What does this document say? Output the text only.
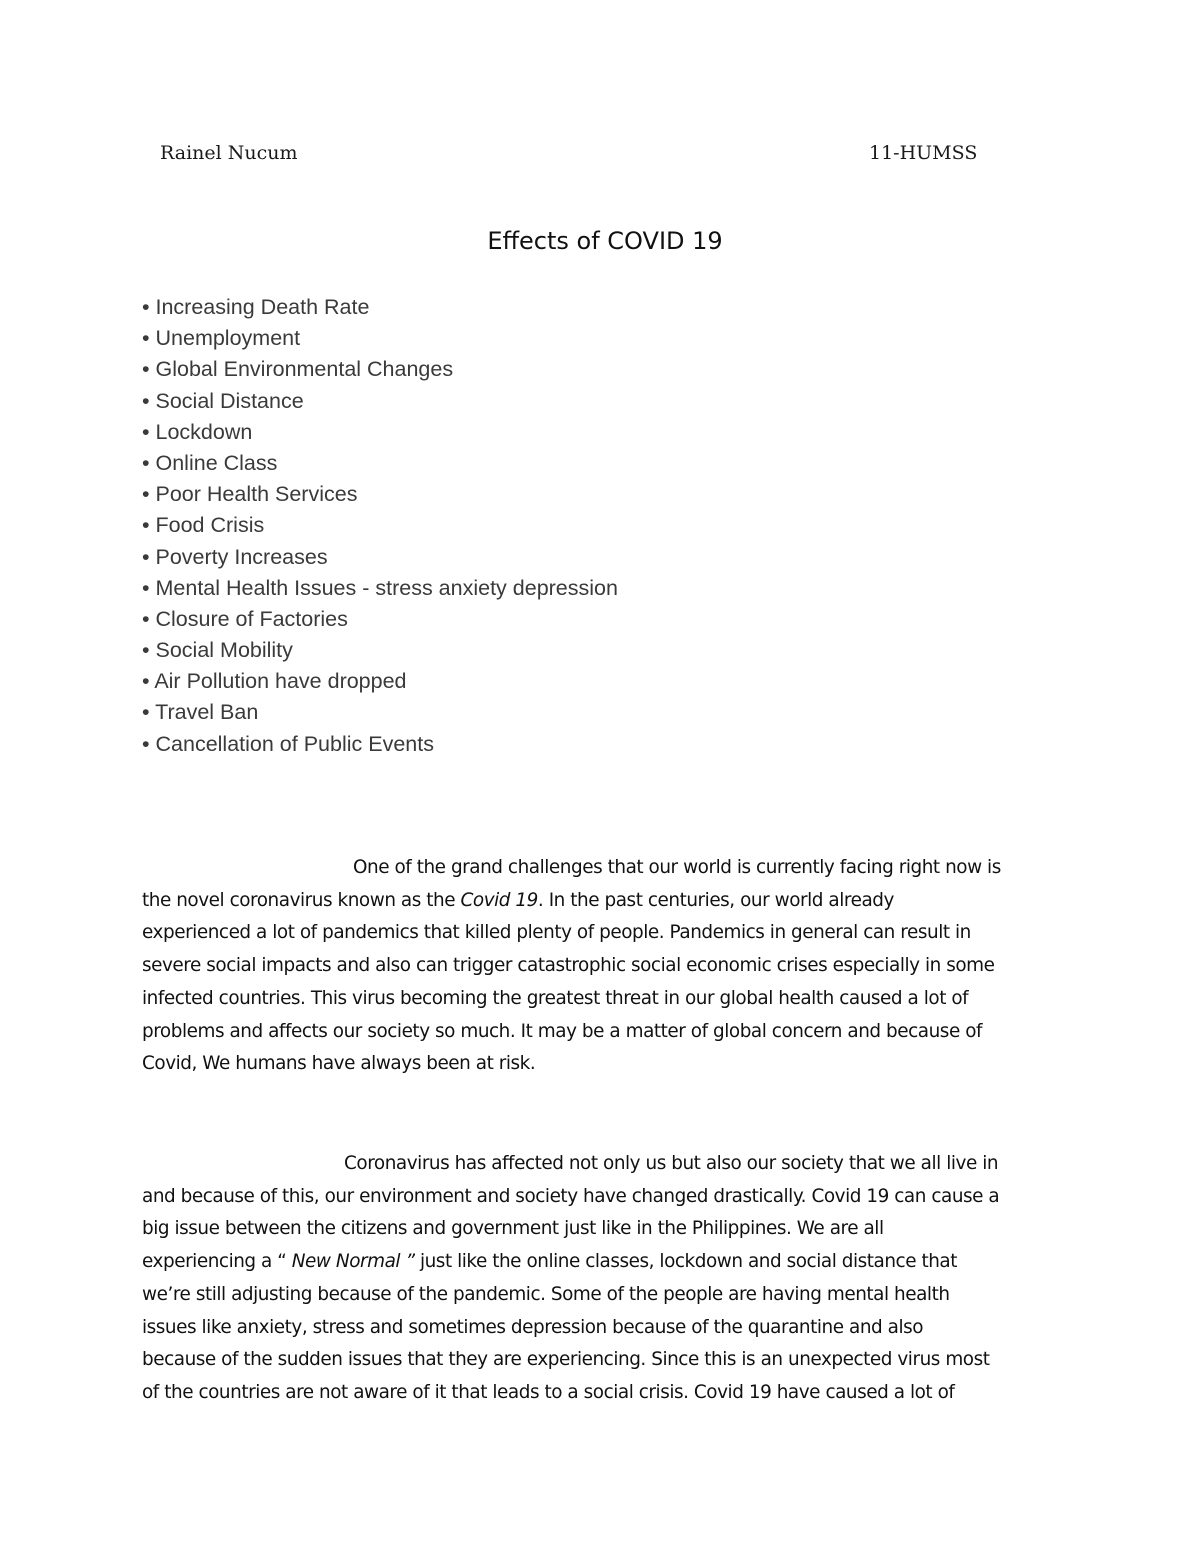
Rainel Nucum	11-HUMSS
Effects of COVID 19
• Increasing Death Rate
• Unemployment
• Global Environmental Changes
• Social Distance
• Lockdown
• Online Class
• Poor Health Services
• Food Crisis
• Poverty Increases
• Mental Health Issues - stress anxiety depression
• Closure of Factories
• Social Mobility
• Air Pollution have dropped
• Travel Ban
• Cancellation of Public Events
One of the grand challenges that our world is currently facing right now is
the novel coronavirus known as the Covid 19. In the past centuries, our world already
experienced a lot of pandemics that killed plenty of people. Pandemics in general can result in
severe social impacts and also can trigger catastrophic social economic crises especially in some
infected countries. This virus becoming the greatest threat in our global health caused a lot of
problems and affects our society so much. It may be a matter of global concern and because of
Covid, We humans have always been at risk.
Coronavirus has affected not only us but also our society that we all live in
and because of this, our environment and society have changed drastically. Covid 19 can cause a
big issue between the citizens and government just like in the Philippines. We are all
experiencing a “ New Normal ” just like the online classes, lockdown and social distance that
we’re still adjusting because of the pandemic. Some of the people are having mental health
issues like anxiety, stress and sometimes depression because of the quarantine and also
because of the sudden issues that they are experiencing. Since this is an unexpected virus most
of the countries are not aware of it that leads to a social crisis. Covid 19 have caused a lot of
